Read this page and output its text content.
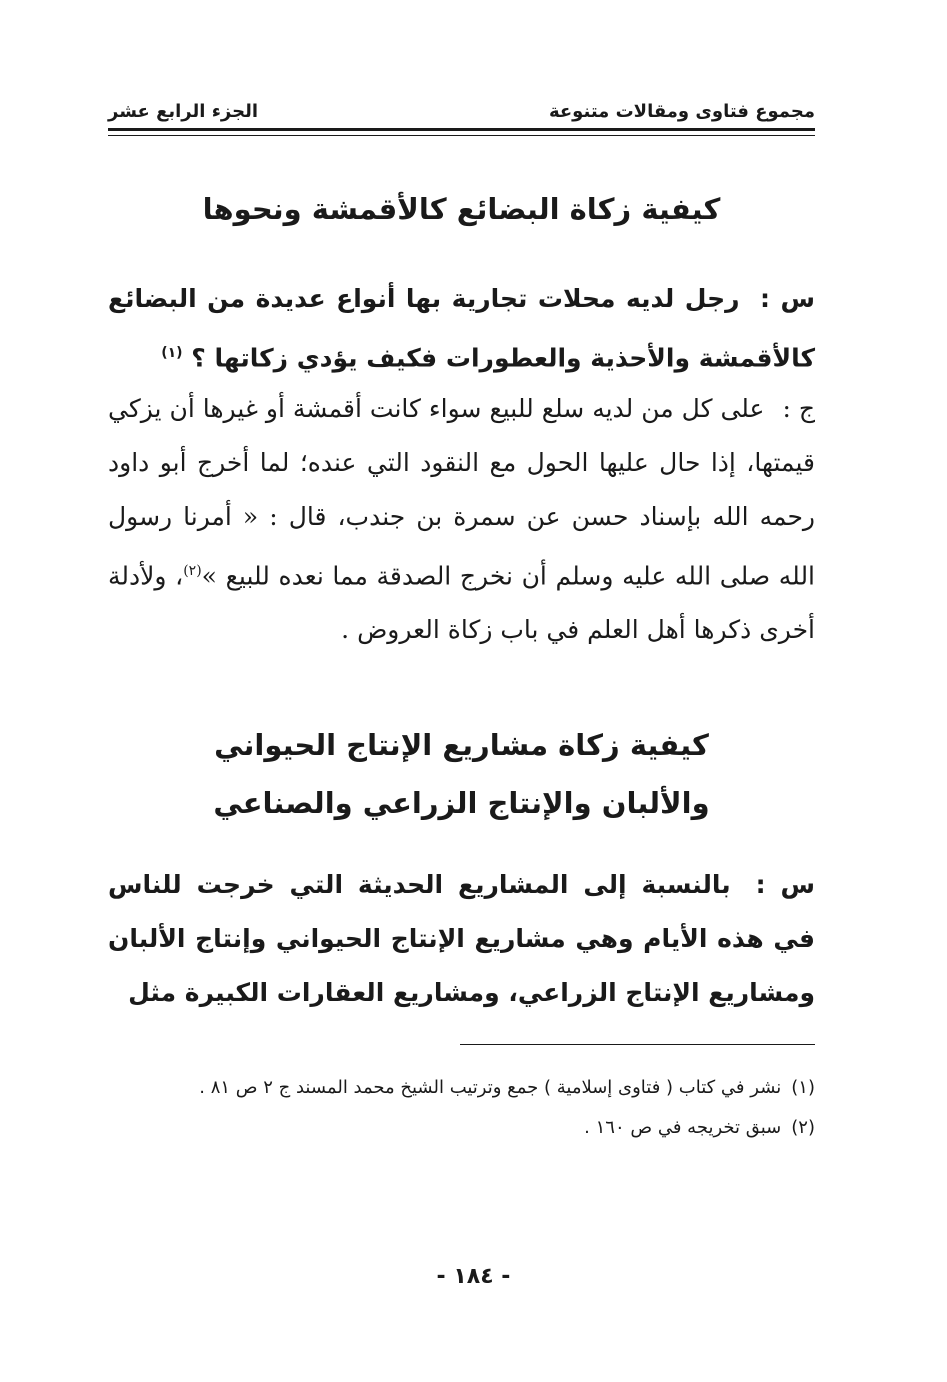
مجموع فتاوى ومقالات متنوعة
الجزء الرابع عشر
كيفية زكاة البضائع كالأقمشة ونحوها

س : رجل لديه محلات تجارية بها أنواع عديدة من البضائع كالأقمشة والأحذية والعطورات فكيف يؤدي زكاتها ؟ $^{(١)}$

ج : على كل من لديه سلع للبيع سواء كانت أقمشة أو غيرها أن يزكي قيمتها، إذا حال عليها الحول مع النقود التي عنده؛ لما أخرج أبو داود رحمه الله بإسناد حسن عن سمرة بن جندب، قال : « أمرنا رسول الله صلى الله عليه وسلم أن نخرج الصدقة مما نعده للبيع »$^{(٢)}$، ولأدلة أخرى ذكرها أهل العلم في باب زكاة العروض .

كيفية زكاة مشاريع الإنتاج الحيواني
والألبان والإنتاج الزراعي والصناعي

س : بالنسبة إلى المشاريع الحديثة التي خرجت للناس في هذه الأيام وهي مشاريع الإنتاج الحيواني وإنتاج الألبان ومشاريع الإنتاج الزراعي، ومشاريع العقارات الكبيرة مثل

(١)
نشر في كتاب ( فتاوى إسلامية ) جمع وترتيب الشيخ محمد المسند ج ٢ ص ٨١ .
(٢)
سبق تخريجه في ص ١٦٠ .
- ١٨٤ -
